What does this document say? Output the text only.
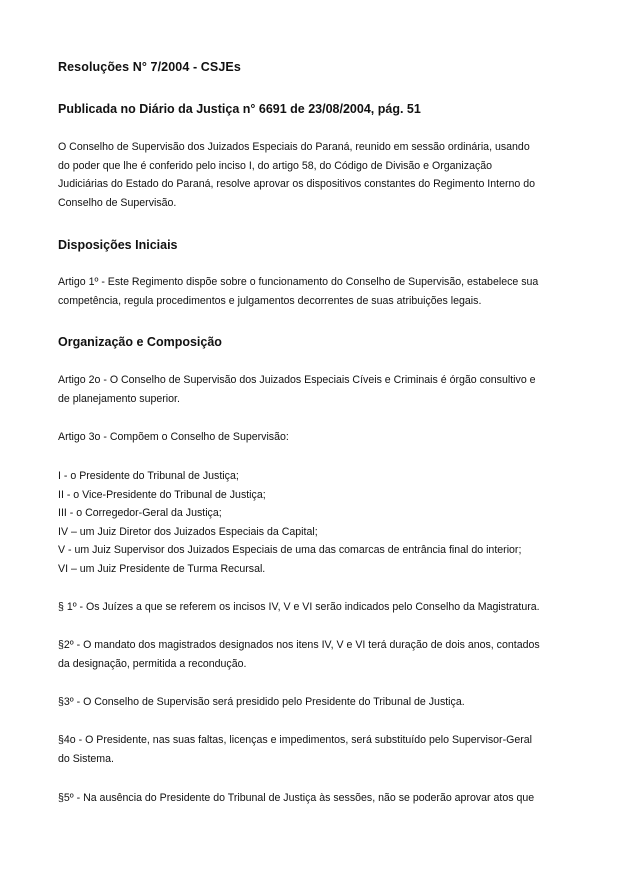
Resoluções N° 7/2004 - CSJEs
Publicada no Diário da Justiça n° 6691 de 23/08/2004, pág. 51

O Conselho de Supervisão dos Juizados Especiais do Paraná, reunido em sessão ordinária, usando
do poder que lhe é conferido pelo inciso I, do artigo 58, do Código de Divisão e Organização
Judiciárias do Estado do Paraná, resolve aprovar os dispositivos constantes do Regimento Interno do
Conselho de Supervisão.

Disposições Iniciais

Artigo 1º - Este Regimento dispõe sobre o funcionamento do Conselho de Supervisão, estabelece sua
competência, regula procedimentos e julgamentos decorrentes de suas atribuições legais.

Organização e Composição

Artigo 2o - O Conselho de Supervisão dos Juizados Especiais Cíveis e Criminais é órgão consultivo e
de planejamento superior.

Artigo 3o - Compõem o Conselho de Supervisão:

I - o Presidente do Tribunal de Justiça;
II - o Vice-Presidente do Tribunal de Justiça;
III - o Corregedor-Geral da Justiça;
IV – um Juiz Diretor dos Juizados Especiais da Capital;
V - um Juiz Supervisor dos Juizados Especiais de uma das comarcas de entrância final do interior;
VI – um Juiz Presidente de Turma Recursal.

§ 1º - Os Juízes a que se referem os incisos IV, V e VI serão indicados pelo Conselho da Magistratura.

§2º - O mandato dos magistrados designados nos itens IV, V e VI terá duração de dois anos, contados
da designação, permitida a recondução.

§3º - O Conselho de Supervisão será presidido pelo Presidente do Tribunal de Justiça.

§4o - O Presidente, nas suas faltas, licenças e impedimentos, será substituído pelo Supervisor-Geral
do Sistema.

§5º - Na ausência do Presidente do Tribunal de Justiça às sessões, não se poderão aprovar atos que
